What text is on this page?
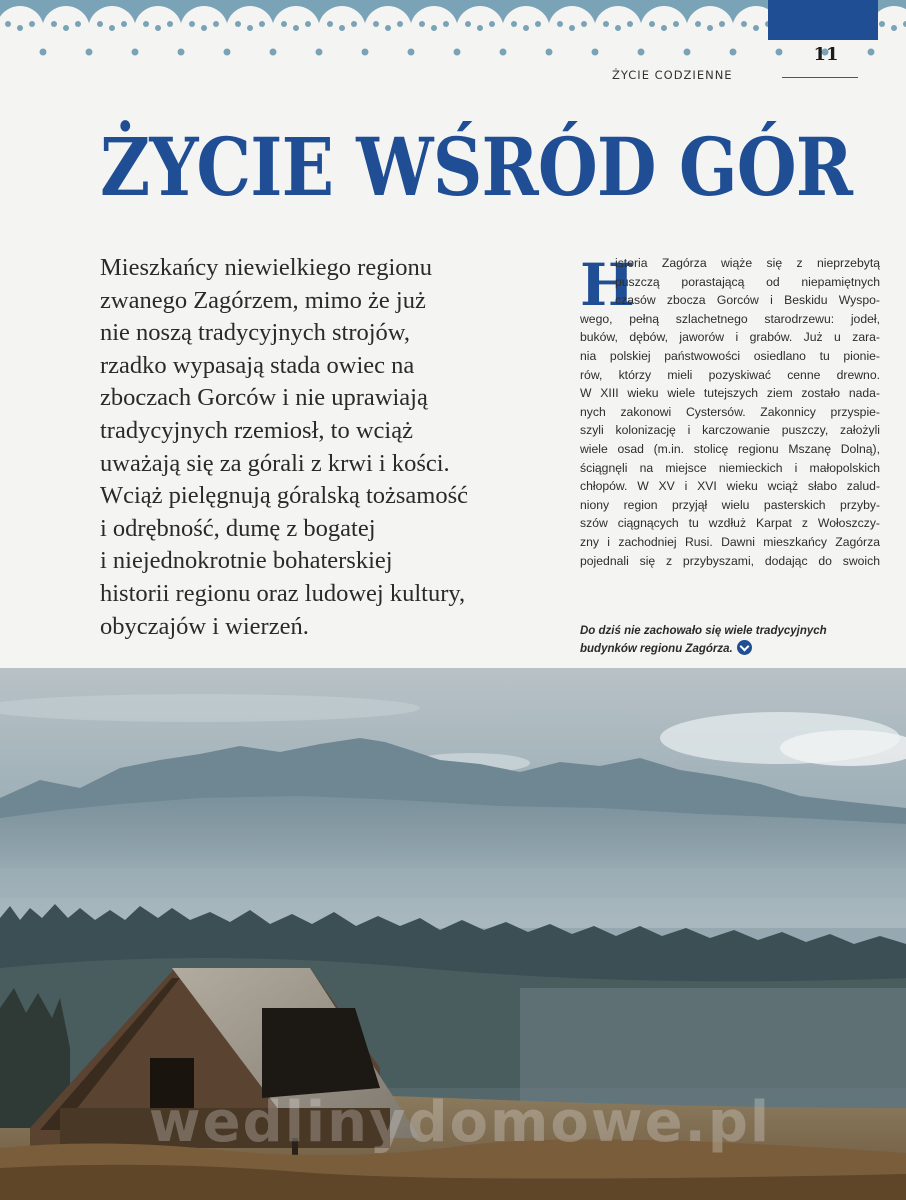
11
ŻYCIE CODZIENNE
ŻYCIE WŚRÓD GÓR
Mieszkańcy niewielkiego regionu
zwanego Zagórzem, mimo że już
nie noszą tradycyjnych strojów,
rzadko wypasają stada owiec na
zboczach Gorców i nie uprawiają
tradycyjnych rzemiosł, to wciąż
uważają się za górali z krwi i kości.
Wciąż pielęgnują góralską tożsamość
i odrębność, dumę z bogatej
i niejednokrotnie bohaterskiej
historii regionu oraz ludowej kultury,
obyczajów i wierzeń.
H
istoria Zagórza wiąże się z nieprzebytą
puszczą porastającą od niepamiętnych
czasów zbocza Gorców i Beskidu Wyspo-
wego, pełną szlachetnego starodrzewu: jodeł,
buków, dębów, jaworów i grabów. Już u zara-
nia polskiej państwowości osiedlano tu pionie-
rów, którzy mieli pozyskiwać cenne drewno.
W XIII wieku wiele tutejszych ziem zostało nada-
nych zakonowi Cystersów. Zakonnicy przyspie-
szyli kolonizację i karczowanie puszczy, założyli
wiele osad (m.in. stolicę regionu Mszanę Dolną),
ściągnęli na miejsce niemieckich i małopolskich
chłopów. W XV i XVI wieku wciąż słabo zalud-
niony region przyjął wielu pasterskich przyby-
szów ciągnących tu wzdłuż Karpat z Wołoszczy-
zny i zachodniej Rusi. Dawni mieszkańcy Zagórza
pojednali się z przybyszami, dodając do swoich
Do dziś nie zachowało się wiele tradycyjnych
budynków regionu Zagórza.
wedlinydomowe.pl
